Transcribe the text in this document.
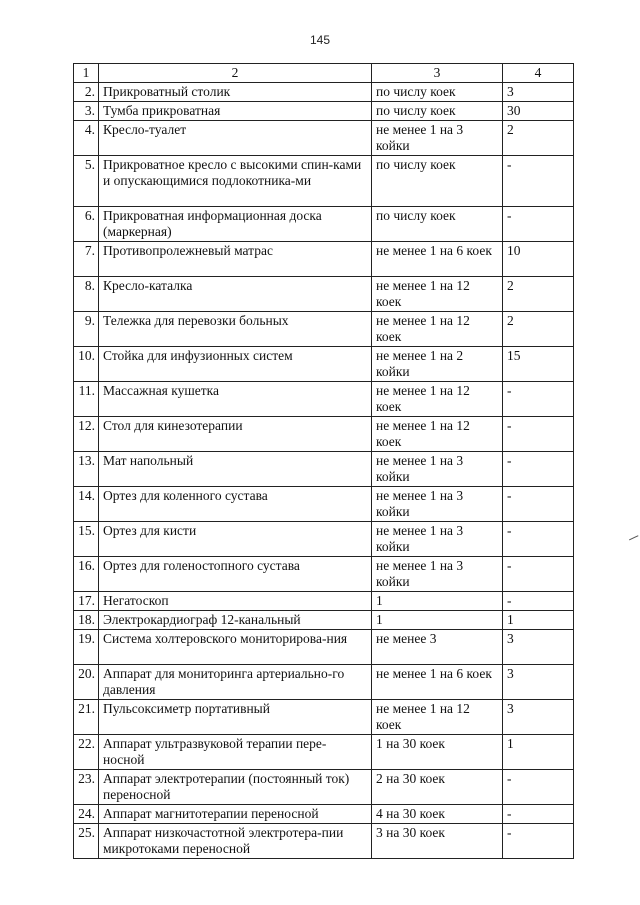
145
1	2	3	4
2.	Прикроватный столик	по числу коек	3
3.	Тумба прикроватная	по числу коек	30
4.	Кресло-туалет	не менее 1 на 3 койки	2
5.	Прикроватное кресло с высокими спин-ками и опускающимися подлокотника-ми	по числу коек	-
6.	Прикроватная информационная доска (маркерная)	по числу коек	-
7.	Противопролежневый матрас	не менее 1 на 6 коек	10
8.	Кресло-каталка	не менее 1 на 12 коек	2
9.	Тележка для перевозки больных	не менее 1 на 12 коек	2
10.	Стойка для инфузионных систем	не менее 1 на 2 койки	15
11.	Массажная кушетка	не менее 1 на 12 коек	-
12.	Стол для кинезотерапии	не менее 1 на 12 коек	-
13.	Мат напольный	не менее 1 на 3 койки	-
14.	Ортез для коленного сустава	не менее 1 на 3 койки	-
15.	Ортез для кисти	не менее 1 на 3 койки	-
16.	Ортез для голеностопного сустава	не менее 1 на 3 койки	-
17.	Негатоскоп	1	-
18.	Электрокардиограф 12-канальный	1	1
19.	Система холтеровского мониторирова-ния	не менее 3	3
20.	Аппарат для мониторинга артериально-го давления	не менее 1 на 6 коек	3
21.	Пульсоксиметр портативный	не менее 1 на 12 коек	3
22.	Аппарат ультразвуковой терапии пере-носной	1 на 30 коек	1
23.	Аппарат электротерапии (постоянный ток) переносной	2 на 30 коек	-
24.	Аппарат магнитотерапии переносной	4 на 30 коек	-
25.	Аппарат низкочастотной электротера-пии микротоками переносной	3 на 30 коек	-
